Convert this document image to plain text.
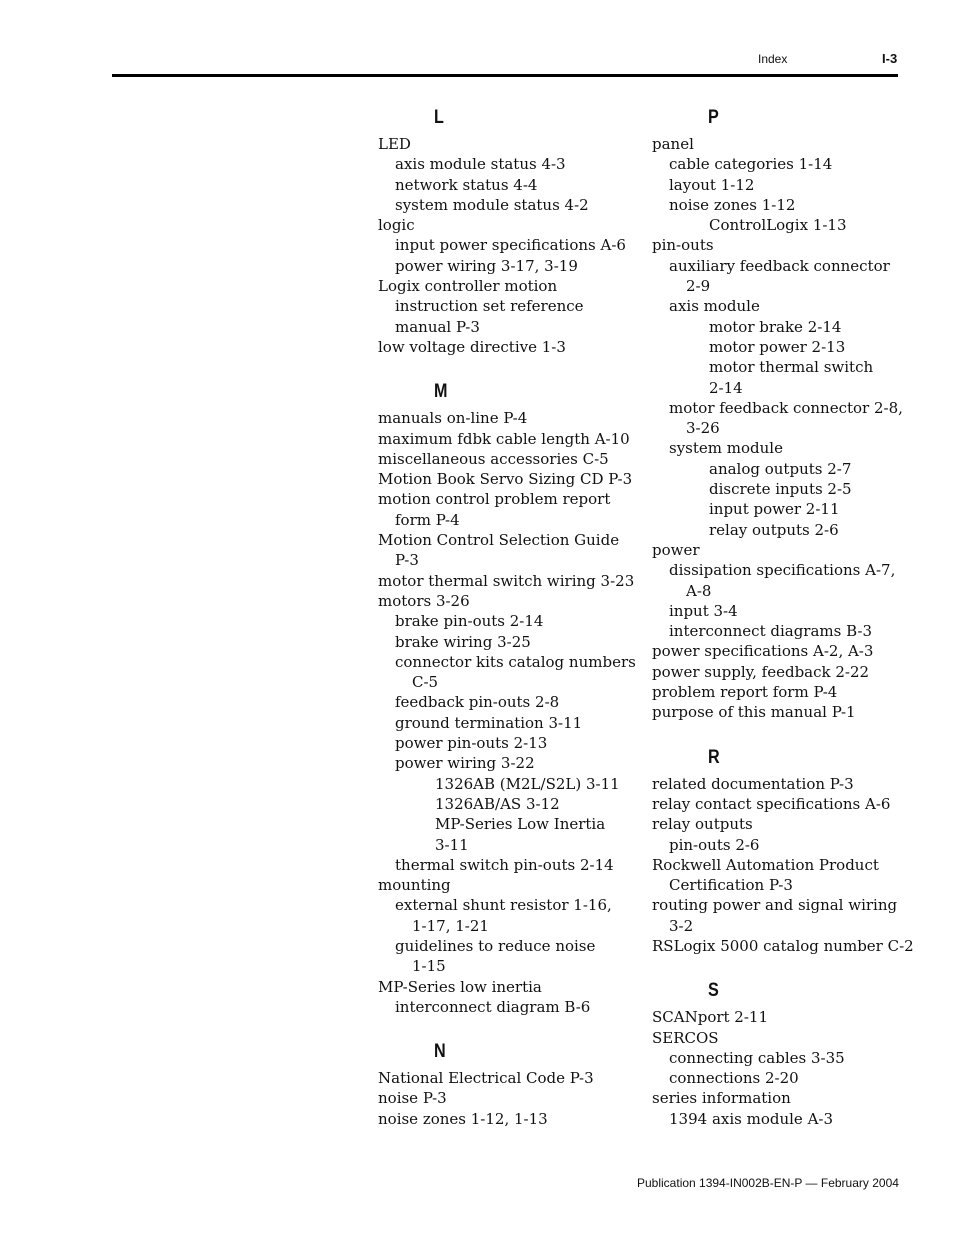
Index	I-3
L
LED
axis module status 4-3
network status 4-4
system module status 4-2
logic
input power specifications A-6
power wiring 3-17, 3-19
Logix controller motion
instruction set reference
manual P-3
low voltage directive 1-3
M
manuals on-line P-4
maximum fdbk cable length A-10
miscellaneous accessories C-5
Motion Book Servo Sizing CD P-3
motion control problem report
form P-4
Motion Control Selection Guide
P-3
motor thermal switch wiring 3-23
motors 3-26
brake pin-outs 2-14
brake wiring 3-25
connector kits catalog numbers
C-5
feedback pin-outs 2-8
ground termination 3-11
power pin-outs 2-13
power wiring 3-22
1326AB (M2L/S2L) 3-11
1326AB/AS 3-12
MP-Series Low Inertia
3-11
thermal switch pin-outs 2-14
mounting
external shunt resistor 1-16,
1-17, 1-21
guidelines to reduce noise
1-15
MP-Series low inertia
interconnect diagram B-6
N
National Electrical Code P-3
noise P-3
noise zones 1-12, 1-13
P
panel
cable categories 1-14
layout 1-12
noise zones 1-12
ControlLogix 1-13
pin-outs
auxiliary feedback connector
2-9
axis module
motor brake 2-14
motor power 2-13
motor thermal switch
2-14
motor feedback connector 2-8,
3-26
system module
analog outputs 2-7
discrete inputs 2-5
input power 2-11
relay outputs 2-6
power
dissipation specifications A-7,
A-8
input 3-4
interconnect diagrams B-3
power specifications A-2, A-3
power supply, feedback 2-22
problem report form P-4
purpose of this manual P-1
R
related documentation P-3
relay contact specifications A-6
relay outputs
pin-outs 2-6
Rockwell Automation Product
Certification P-3
routing power and signal wiring
3-2
RSLogix 5000 catalog number C-2
S
SCANport 2-11
SERCOS
connecting cables 3-35
connections 2-20
series information
1394 axis module A-3
Publication 1394-IN002B-EN-P — February 2004
